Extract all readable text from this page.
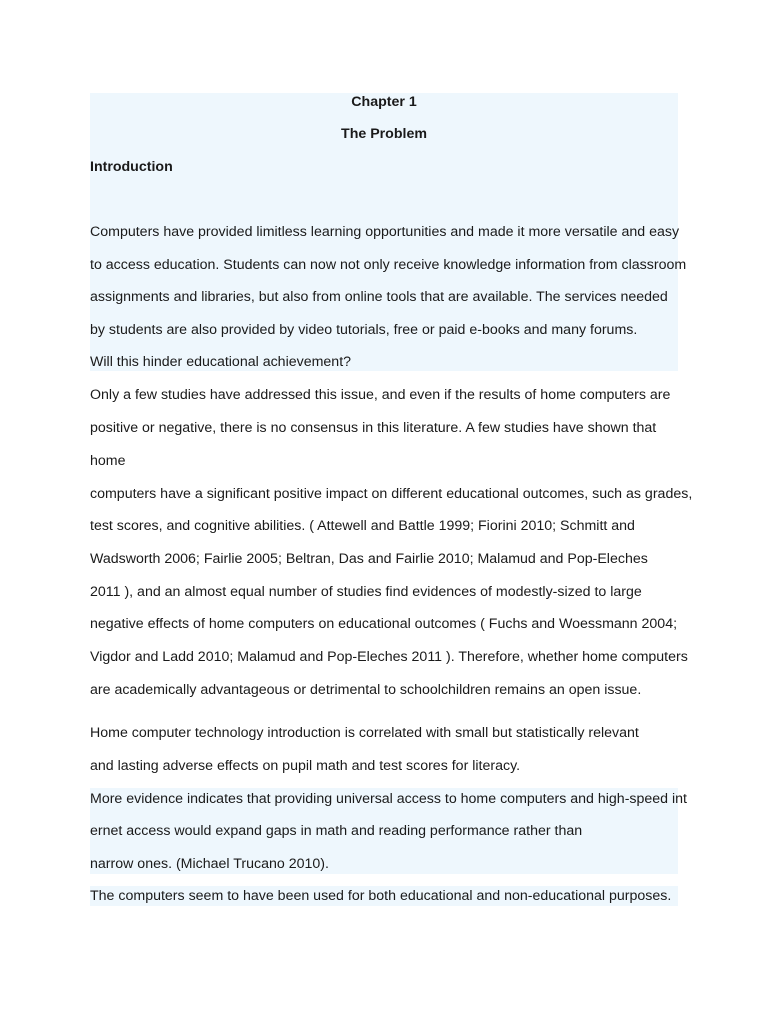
Chapter 1

The Problem

Introduction

Computers have provided limitless learning opportunities and made it more versatile and easy

to access education. Students can now not only receive knowledge information from classroom

assignments and libraries, but also from online tools that are available. The services needed

by students are also provided by video tutorials, free or paid e-books and many forums.

Will this hinder educational achievement?

Only a few studies have addressed this issue, and even if the results of home computers are

positive or negative, there is no consensus in this literature. A few studies have shown that

home

computers have a significant positive impact on different educational outcomes, such as grades,

test scores, and cognitive abilities. ( Attewell and Battle 1999; Fiorini 2010; Schmitt and

Wadsworth 2006; Fairlie 2005; Beltran, Das and Fairlie 2010; Malamud and Pop-Eleches

2011 ), and an almost equal number of studies find evidences of modestly-sized to large

negative effects of home computers on educational outcomes ( Fuchs and Woessmann 2004;

Vigdor and Ladd 2010; Malamud and Pop-Eleches 2011 ). Therefore, whether home computers

are academically advantageous or detrimental to schoolchildren remains an open issue.

Home computer technology introduction is correlated with small but statistically relevant

and lasting adverse effects on pupil math and test scores for literacy.

More evidence indicates that providing universal access to home computers and high-speed int

ernet access would expand gaps in math and reading performance rather than

narrow ones. (Michael Trucano 2010).

The computers seem to have been used for both educational and non-educational purposes.
